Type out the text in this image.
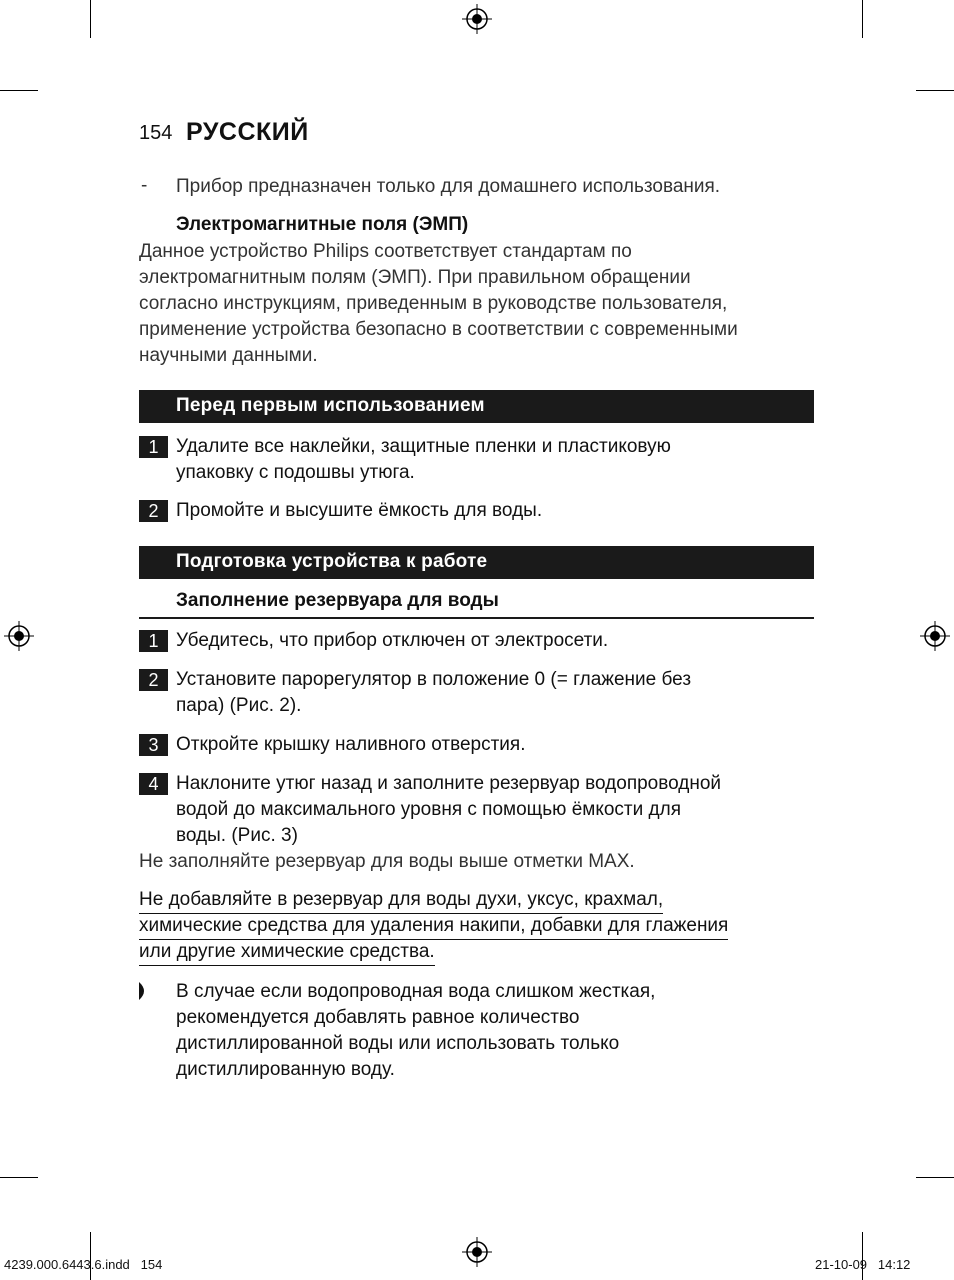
154 РУССКИЙ
- Прибор предназначен только для домашнего использования.
Электромагнитные поля (ЭМП)
Данное устройство Philips соответствует стандартам по
электромагнитным полям (ЭМП). При правильном обращении
согласно инструкциям, приведенным в руководстве пользователя,
применение устройства безопасно в соответствии с современными
научными данными.
Перед первым использованием
1 Удалите все наклейки, защитные пленки и пластиковую
упаковку с подошвы утюга.
2 Промойте и высушите ёмкость для воды.
Подготовка устройства к работе
Заполнение резервуара для воды
1 Убедитесь, что прибор отключен от электросети.
2 Установите парорегулятор в положение 0 (= глажение без
пара) (Рис. 2).
3 Откройте крышку наливного отверстия.
4 Наклоните утюг назад и заполните резервуар водопроводной
водой до максимального уровня с помощью ёмкости для
воды. (Рис. 3)
Не заполняйте резервуар для воды выше отметки MAX.
Не добавляйте в резервуар для воды духи, уксус, крахмал,
химические средства для удаления накипи, добавки для глажения
или другие химические средства.
В случае если водопроводная вода слишком жесткая,
рекомендуется добавлять равное количество
дистиллированной воды или использовать только
дистиллированную воду.
4239.000.6443.6.indd   154	21-10-09   14:12
